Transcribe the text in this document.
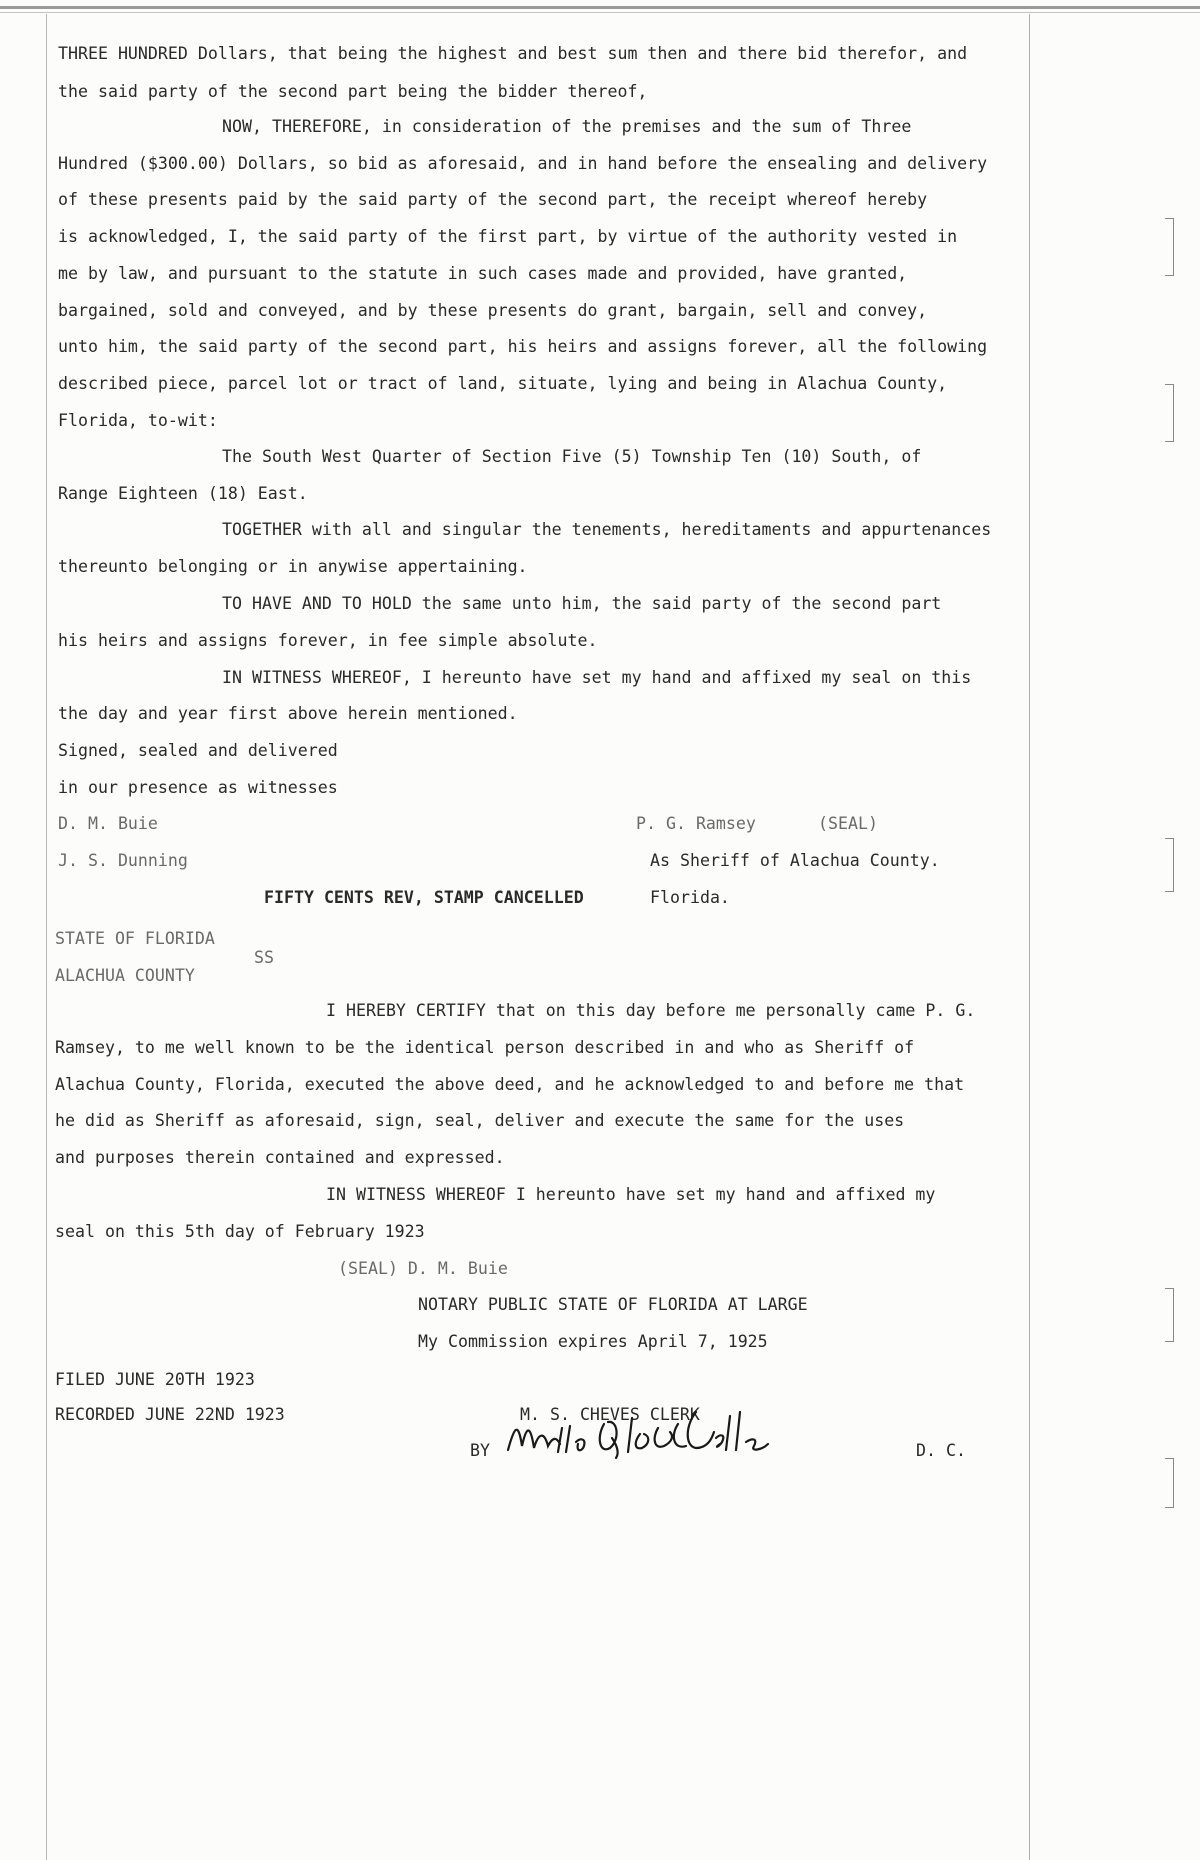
THREE HUNDRED Dollars, that being the highest and best sum then and there bid therefor, and
the said party of the second part being the bidder thereof,
NOW, THEREFORE, in consideration of the premises and the sum of Three
Hundred ($300.00) Dollars, so bid as aforesaid, and in hand before the ensealing and delivery
of these presents paid by the said party of the second part, the receipt whereof hereby
is acknowledged, I, the said party of the first part, by virtue of the authority vested in
me by law, and pursuant to the statute in such cases made and provided, have granted,
bargained, sold and conveyed, and by these presents do grant, bargain, sell and convey,
unto him, the said party of the second part, his heirs and assigns forever, all the following
described piece, parcel lot or tract of land, situate, lying and being in Alachua County,
Florida, to-wit:
The South West Quarter of Section Five (5) Township Ten (10) South, of
Range Eighteen (18) East.
TOGETHER with all and singular the tenements, hereditaments and appurtenances
thereunto belonging or in anywise appertaining.
TO HAVE AND TO HOLD the same unto him, the said party of the second part
his heirs and assigns forever, in fee simple absolute.
IN WITNESS WHEREOF, I hereunto have set my hand and affixed my seal on this
the day and year first above herein mentioned.
Signed, sealed and delivered
in our presence as witnesses
D. M. Buie
J. S. Dunning
P. G. Ramsey	(SEAL)
As Sheriff of Alachua County.
Florida.
FIFTY CENTS REV, STAMP CANCELLED
STATE OF FLORIDA
SS
ALACHUA COUNTY
I HEREBY CERTIFY that on this day before me personally came P. G.
Ramsey, to me well known to be the identical person described in and who as Sheriff of
Alachua County, Florida, executed the above deed, and he acknowledged to and before me that
he did as Sheriff as aforesaid, sign, seal, deliver and execute the same for the uses
and purposes therein contained and expressed.
IN WITNESS WHEREOF I hereunto have set my hand and affixed my
seal on this 5th day of February 1923
(SEAL) D. M. Buie
NOTARY PUBLIC STATE OF FLORIDA AT LARGE
My Commission expires April 7, 1925
FILED JUNE 20TH 1923
RECORDED JUNE 22ND 1923	M. S. CHEVES CLERK
BY	D. C.
